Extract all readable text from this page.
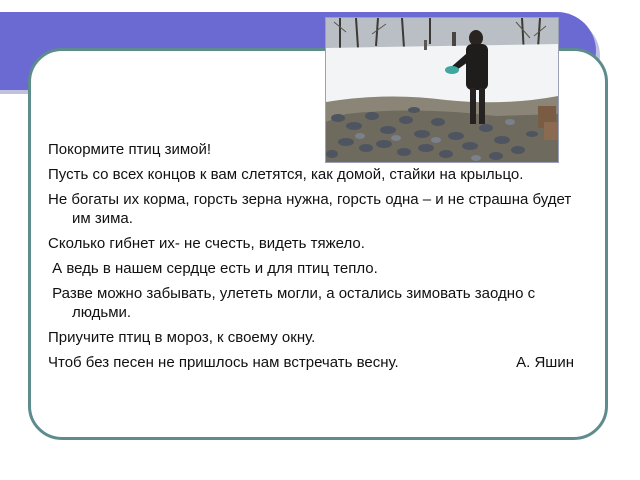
Покормите птиц зимой!

Пусть со всех концов к вам слетятся, как домой, стайки на крыльцо.

Не богаты их корма, горсть зерна нужна, горсть одна – и не страшна будет им зима.

Сколько гибнет их- не счесть, видеть тяжело.

А ведь в нашем сердце есть и для птиц тепло.

Разве можно забывать, улететь могли, а остались зимовать заодно с людьми.

Приучите птиц в мороз, к своему окну.

Чтоб без песен не пришлось нам встречать весну.	А. Яшин
